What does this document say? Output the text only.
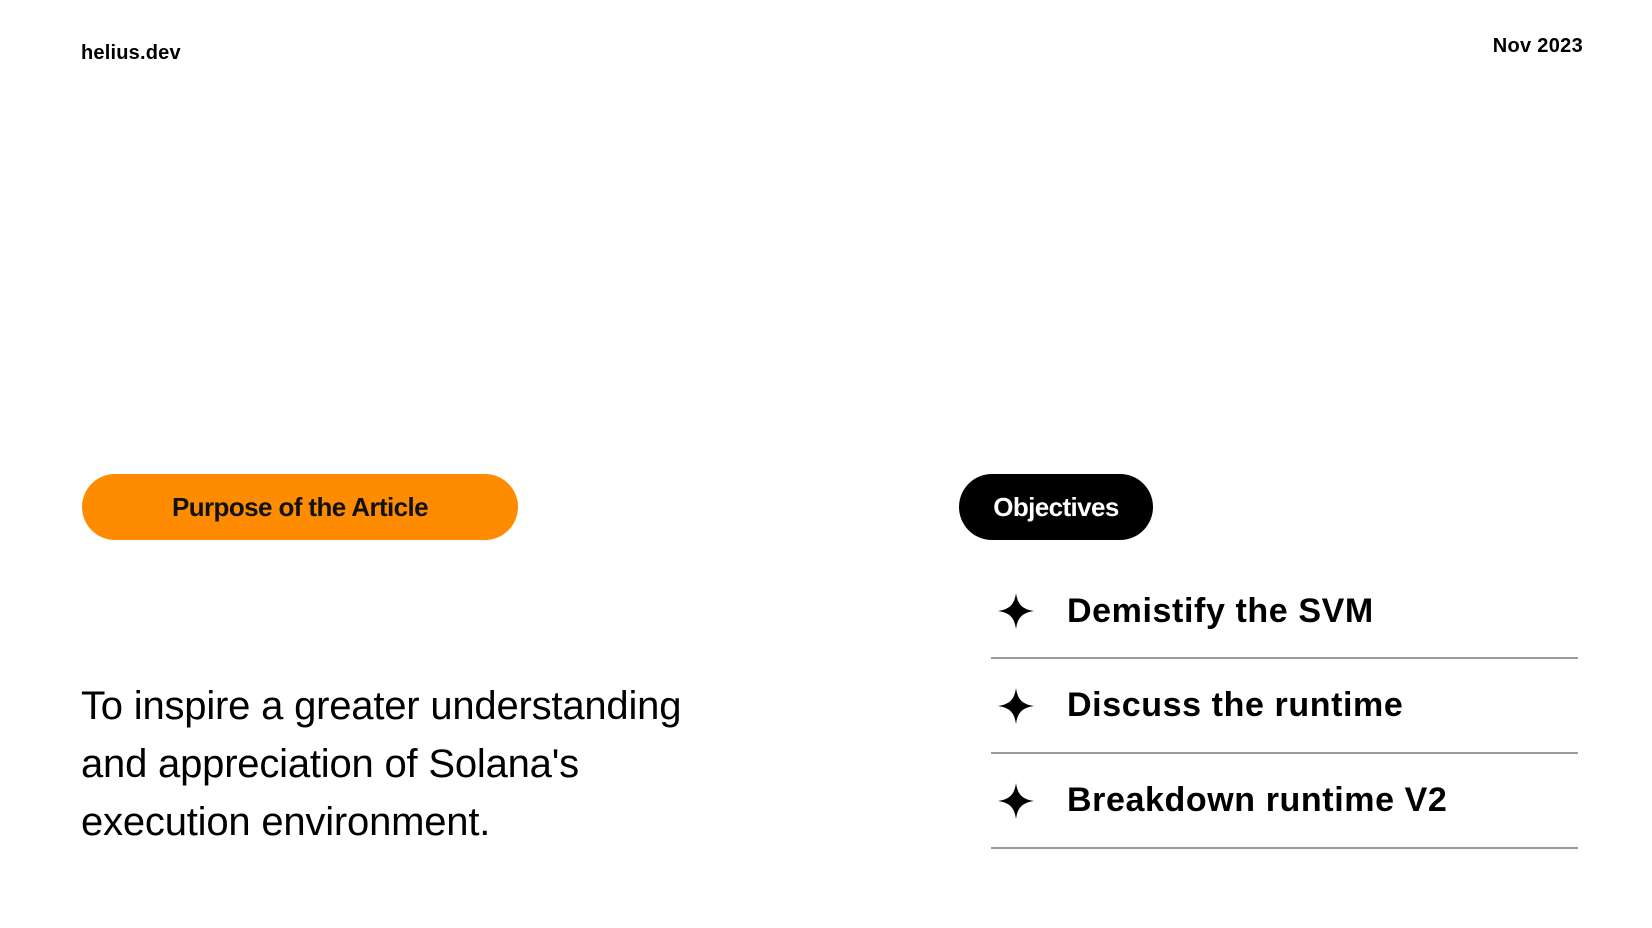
helius.dev	Nov 2023
Purpose of the Article
To inspire a greater understanding
and appreciation of Solana's
execution environment.
Objectives
Demistify the SVM
Discuss the runtime
Breakdown runtime V2
